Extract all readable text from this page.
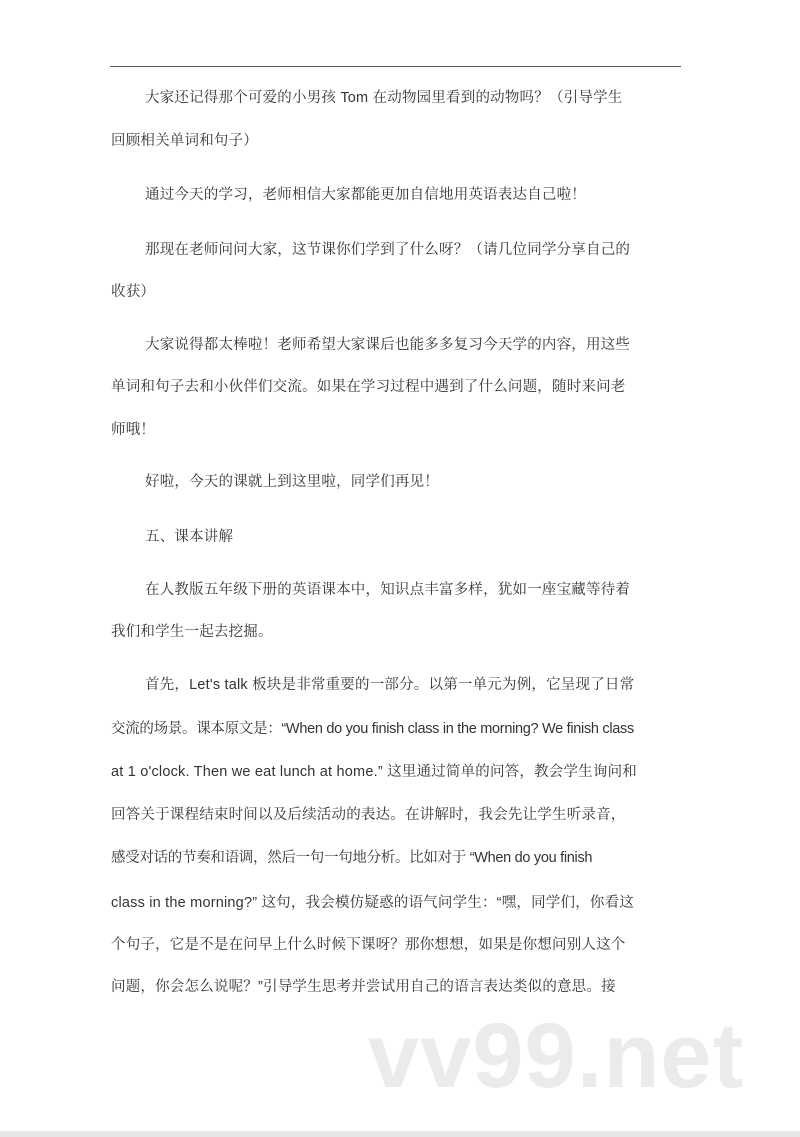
大家还记得那个可爱的小男孩 Tom 在动物园里看到的动物吗？（引导学生
回顾相关单词和句子）
通过今天的学习，老师相信大家都能更加自信地用英语表达自己啦！
那现在老师问问大家，这节课你们学到了什么呀？（请几位同学分享自己的
收获）
大家说得都太棒啦！老师希望大家课后也能多多复习今天学的内容，用这些
单词和句子去和小伙伴们交流。如果在学习过程中遇到了什么问题，随时来问老
师哦！
好啦，今天的课就上到这里啦，同学们再见！
五、课本讲解
在人教版五年级下册的英语课本中，知识点丰富多样，犹如一座宝藏等待着
我们和学生一起去挖掘。
首先，Let's talk 板块是非常重要的一部分。以第一单元为例，它呈现了日常
交流的场景。课本原文是：“When do you finish class in the morning? We finish class
at 1 o'clock. Then we eat lunch at home.” 这里通过简单的问答，教会学生询问和
回答关于课程结束时间以及后续活动的表达。在讲解时，我会先让学生听录音，
感受对话的节奏和语调，然后一句一句地分析。比如对于 “When do you finish
class in the morning?” 这句，我会模仿疑惑的语气问学生：“嘿，同学们，你看这
个句子，它是不是在问早上什么时候下课呀？那你想想，如果是你想问别人这个
问题，你会怎么说呢？”引导学生思考并尝试用自己的语言表达类似的意思。接
vv99.net
